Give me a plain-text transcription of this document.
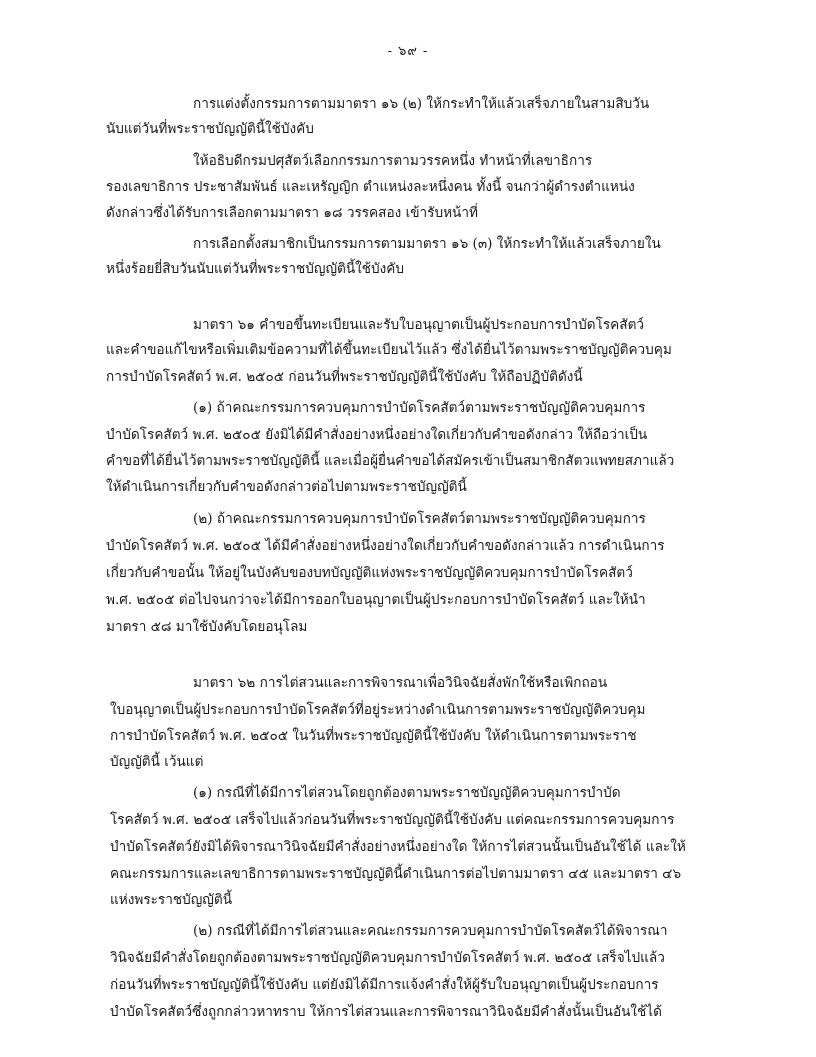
- ๖๙ -

การแต่งตั้งกรรมการตามมาตรา ๑๖ (๒) ให้กระทำให้แล้วเสร็จภายในสามสิบวัน

นับแต่วันที่พระราชบัญญัตินี้ใช้บังคับ

ให้อธิบดีกรมปศุสัตว์เลือกกรรมการตามวรรคหนึ่ง ทำหน้าที่เลขาธิการ

รองเลขาธิการ ประชาสัมพันธ์ และเหรัญญิก ตำแหน่งละหนึ่งคน ทั้งนี้ จนกว่าผู้ดำรงตำแหน่ง

ดังกล่าวซึ่งได้รับการเลือกตามมาตรา ๑๘ วรรคสอง เข้ารับหน้าที่

การเลือกตั้งสมาชิกเป็นกรรมการตามมาตรา ๑๖ (๓) ให้กระทำให้แล้วเสร็จภายใน

หนึ่งร้อยยี่สิบวันนับแต่วันที่พระราชบัญญัตินี้ใช้บังคับ

มาตรา ๖๑ คำขอขึ้นทะเบียนและรับใบอนุญาตเป็นผู้ประกอบการบำบัดโรคสัตว์

และคำขอแก้ไขหรือเพิ่มเติมข้อความที่ได้ขึ้นทะเบียนไว้แล้ว ซึ่งได้ยื่นไว้ตามพระราชบัญญัติควบคุม

การบำบัดโรคสัตว์ พ.ศ. ๒๕๐๕ ก่อนวันที่พระราชบัญญัตินี้ใช้บังคับ ให้ถือปฏิบัติดังนี้

(๑) ถ้าคณะกรรมการควบคุมการบำบัดโรคสัตว์ตามพระราชบัญญัติควบคุมการ

บำบัดโรคสัตว์ พ.ศ. ๒๕๐๕ ยังมิได้มีคำสั่งอย่างหนึ่งอย่างใดเกี่ยวกับคำขอดังกล่าว ให้ถือว่าเป็น

คำขอที่ได้ยื่นไว้ตามพระราชบัญญัตินี้ และเมื่อผู้ยื่นคำขอได้สมัครเข้าเป็นสมาชิกสัตวแพทยสภาแล้ว

ให้ดำเนินการเกี่ยวกับคำขอดังกล่าวต่อไปตามพระราชบัญญัตินี้

(๒) ถ้าคณะกรรมการควบคุมการบำบัดโรคสัตว์ตามพระราชบัญญัติควบคุมการ

บำบัดโรคสัตว์ พ.ศ. ๒๕๐๕ ได้มีคำสั่งอย่างหนึ่งอย่างใดเกี่ยวกับคำขอดังกล่าวแล้ว การดำเนินการ

เกี่ยวกับคำขอนั้น ให้อยู่ในบังคับของบทบัญญัติแห่งพระราชบัญญัติควบคุมการบำบัดโรคสัตว์

พ.ศ. ๒๕๐๕ ต่อไปจนกว่าจะได้มีการออกใบอนุญาตเป็นผู้ประกอบการบำบัดโรคสัตว์ และให้นำ

มาตรา ๕๘ มาใช้บังคับโดยอนุโลม

มาตรา ๖๒ การไต่สวนและการพิจารณาเพื่อวินิจฉัยสั่งพักใช้หรือเพิกถอน

ใบอนุญาตเป็นผู้ประกอบการบำบัดโรคสัตว์ที่อยู่ระหว่างดำเนินการตามพระราชบัญญัติควบคุม

การบำบัดโรคสัตว์ พ.ศ. ๒๕๐๕ ในวันที่พระราชบัญญัตินี้ใช้บังคับ ให้ดำเนินการตามพระราช

บัญญัตินี้ เว้นแต่

(๑) กรณีที่ได้มีการไต่สวนโดยถูกต้องตามพระราชบัญญัติควบคุมการบำบัด

โรคสัตว์ พ.ศ. ๒๕๐๕ เสร็จไปแล้วก่อนวันที่พระราชบัญญัตินี้ใช้บังคับ แต่คณะกรรมการควบคุมการ

บำบัดโรคสัตว์ยังมิได้พิจารณาวินิจฉัยมีคำสั่งอย่างหนึ่งอย่างใด ให้การไต่สวนนั้นเป็นอันใช้ได้ และให้

คณะกรรมการและเลขาธิการตามพระราชบัญญัตินี้ดำเนินการต่อไปตามมาตรา ๔๕ และมาตรา ๔๖

แห่งพระราชบัญญัตินี้

(๒) กรณีที่ได้มีการไต่สวนและคณะกรรมการควบคุมการบำบัดโรคสัตว์ได้พิจารณา

วินิจฉัยมีคำสั่งโดยถูกต้องตามพระราชบัญญัติควบคุมการบำบัดโรคสัตว์ พ.ศ. ๒๕๐๕ เสร็จไปแล้ว

ก่อนวันที่พระราชบัญญัตินี้ใช้บังคับ แต่ยังมิได้มีการแจ้งคำสั่งให้ผู้รับใบอนุญาตเป็นผู้ประกอบการ

บำบัดโรคสัตว์ซึ่งถูกกล่าวหาทราบ ให้การไต่สวนและการพิจารณาวินิจฉัยมีคำสั่งนั้นเป็นอันใช้ได้
